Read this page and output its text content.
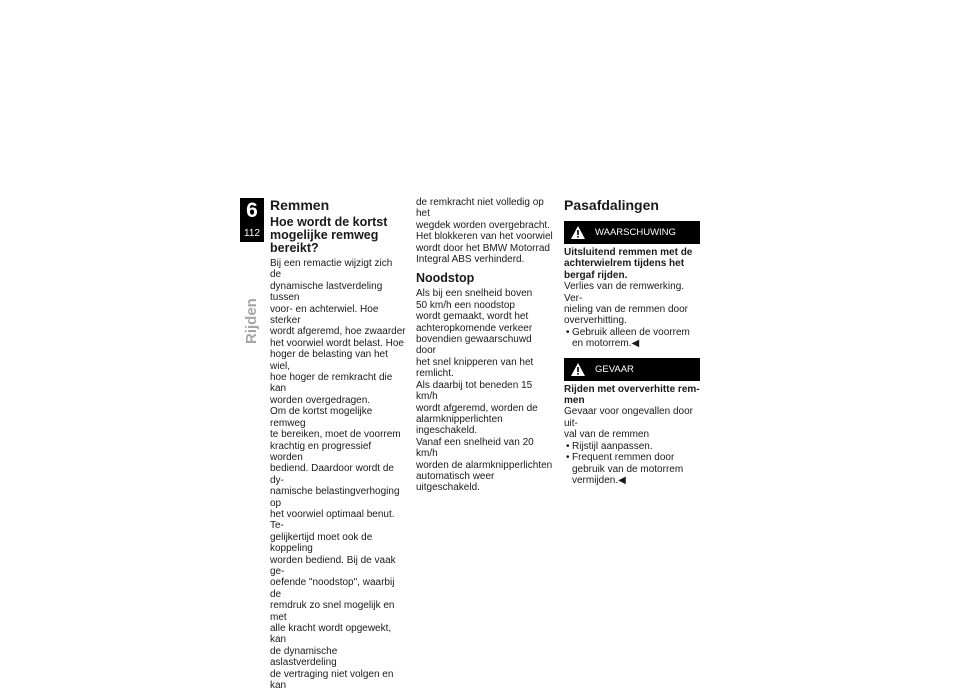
6
112
Rijden
Remmen
Hoe wordt de kortst mogelijke remweg bereikt?

Bij een remactie wijzigt zich de

dynamische lastverdeling tussen

voor- en achterwiel. Hoe sterker

wordt afgeremd, hoe zwaarder

het voorwiel wordt belast. Hoe

hoger de belasting van het wiel,

hoe hoger de remkracht die kan

worden overgedragen.

Om de kortst mogelijke remweg

te bereiken, moet de voorrem

krachtig en progressief worden

bediend. Daardoor wordt de dy-

namische belastingverhoging op

het voorwiel optimaal benut. Te-

gelijkertijd moet ook de koppeling

worden bediend. Bij de vaak ge-

oefende "noodstop", waarbij de

remdruk zo snel mogelijk en met

alle kracht wordt opgewekt, kan

de dynamische aslastverdeling

de vertraging niet volgen en kan

de remkracht niet volledig op het

wegdek worden overgebracht.

Het blokkeren van het voorwiel

wordt door het BMW Motorrad

Integral ABS verhinderd.

Noodstop

Als bij een snelheid boven

50 km/h een noodstop

wordt gemaakt, wordt het

achteropkomende verkeer

bovendien gewaarschuwd door

het snel knipperen van het

remlicht.

Als daarbij tot beneden 15 km/h

wordt afgeremd, worden de

alarmknipperlichten ingeschakeld.

Vanaf een snelheid van 20 km/h

worden de alarmknipperlichten

automatisch weer uitgeschakeld.

Pasafdalingen
WAARSCHUWING
Uitsluitend remmen met de
achterwielrem tijdens het
bergaf rijden.

Verlies van de remwerking. Ver-

nieling van de remmen door

oververhitting.

• Gebruik alleen de voorrem en motorrem.◀
GEVAAR
Rijden met oververhitte rem-
men

Gevaar voor ongevallen door uit-

val van de remmen

• Rijstijl aanpassen.
• Frequent remmen door gebruik van de motorrem vermijden.◀
